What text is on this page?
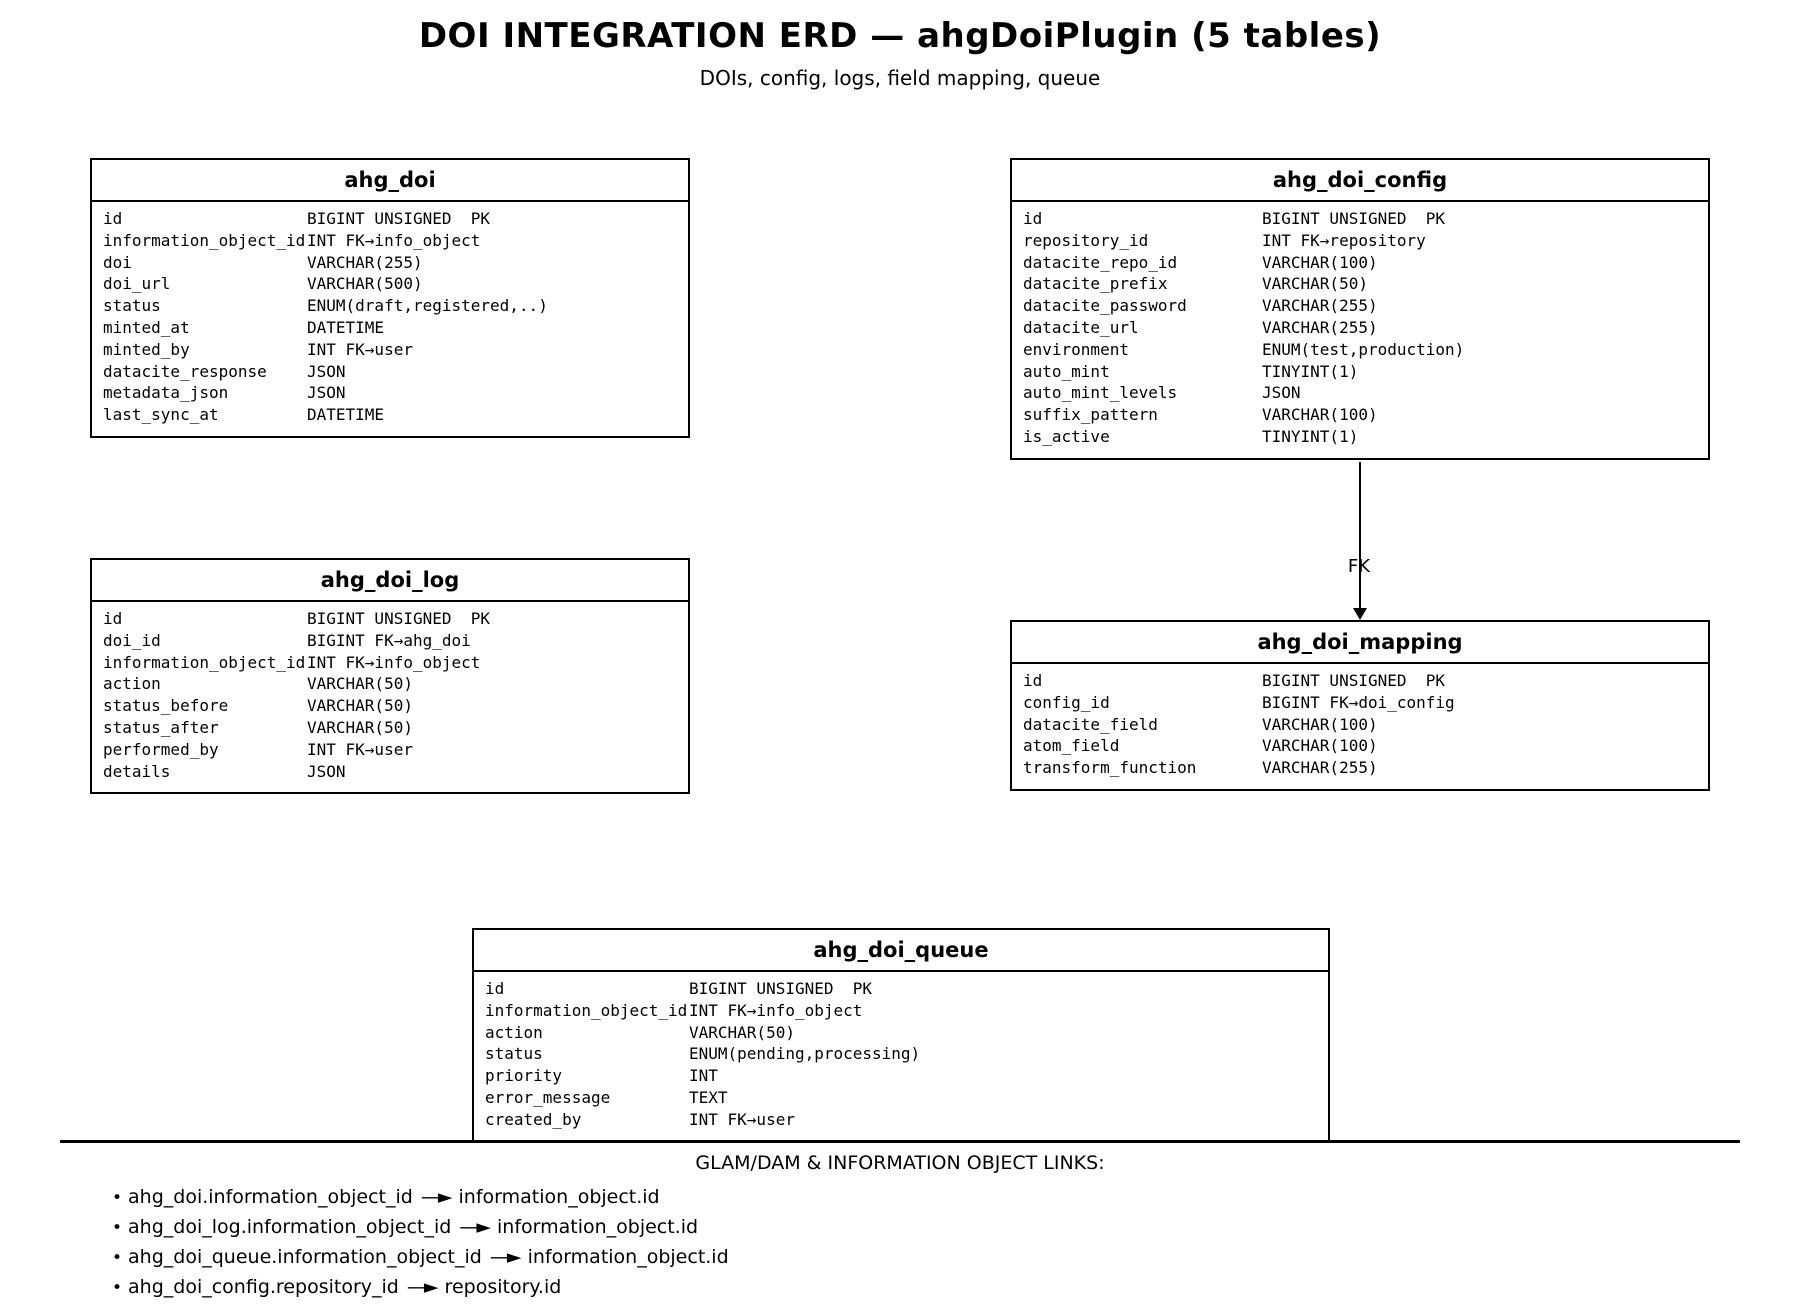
DOI INTEGRATION ERD — ahgDoiPlugin (5 tables)
DOIs, config, logs, field mapping, queue
ahg_doi
id	BIGINT UNSIGNED  PK
information_object_id INT FK→info_object
doi	VARCHAR(255)
doi_url	VARCHAR(500)
status	ENUM(draft,registered,..)
minted_at	DATETIME
minted_by	INT FK→user
datacite_response	JSON
metadata_json	JSON
last_sync_at	DATETIME
ahg_doi_config
id	BIGINT UNSIGNED  PK
repository_id	INT FK→repository
datacite_repo_id	VARCHAR(100)
datacite_prefix	VARCHAR(50)
datacite_password	VARCHAR(255)
datacite_url	VARCHAR(255)
environment	ENUM(test,production)
auto_mint	TINYINT(1)
auto_mint_levels	JSON
suffix_pattern	VARCHAR(100)
is_active	TINYINT(1)
ahg_doi_log
id	BIGINT UNSIGNED  PK
doi_id	BIGINT FK→ahg_doi
information_object_id INT FK→info_object
action	VARCHAR(50)
status_before	VARCHAR(50)
status_after	VARCHAR(50)
performed_by	INT FK→user
details	JSON
ahg_doi_mapping
id	BIGINT UNSIGNED  PK
config_id	BIGINT FK→doi_config
datacite_field	VARCHAR(100)
atom_field	VARCHAR(100)
transform_function	VARCHAR(255)
ahg_doi_queue
id	BIGINT UNSIGNED  PK
information_object_id INT FK→info_object
action	VARCHAR(50)
status	ENUM(pending,processing)
priority	INT
error_message	TEXT
created_by	INT FK→user
FK
GLAM/DAM & INFORMATION OBJECT LINKS:
• ahg_doi.information_object_id —► information_object.id
• ahg_doi_log.information_object_id —► information_object.id
• ahg_doi_queue.information_object_id —► information_object.id
• ahg_doi_config.repository_id —► repository.id
